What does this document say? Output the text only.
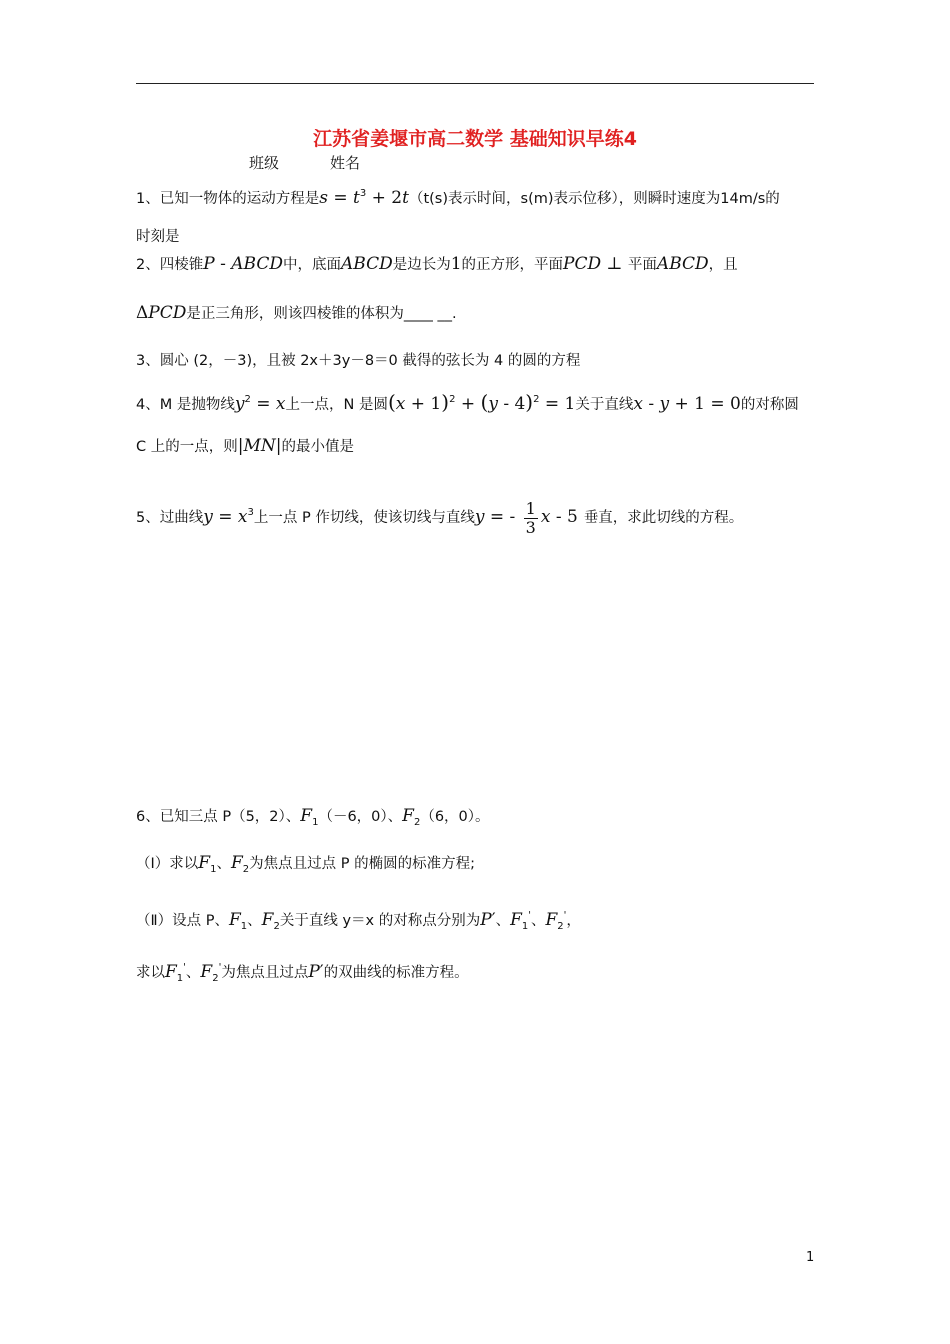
江苏省姜堰市高二数学 基础知识早练4
班级	姓名
1、已知一物体的运动方程是$s = t^3 + 2t(t(s)$表示时间，s(m)表示位移），则瞬时速度为14m/s的
时刻是
2、四棱锥P - ABCD中，底面ABCD是边长为1的正方形，平面PCD ⊥ 平面ABCD，且
ΔPCD是正三角形，则该四棱锥的体积为____ __.
3、圆心 (2，－3)，且被 2x＋3y－8＝0 截得的弦长为 4 的圆的方程
4、M 是抛物线$y^2 = x$上一点，N 是圆$(x + 1)^2 + (y - 4)^2 = 1$关于直线x - y + 1 = 0的对称圆
C 上的一点，则|MN|的最小值是
5、过曲线$y = x^3$上一点 P 作切线，使该切线与直线y = - $\frac{1}{3}$ x - 5 垂直，求此切线的方程。
6、已知三点 P（5，2）、$F_1(-6$，0）、$F_2(6$，0）。
（Ⅰ）求以$F_1$、$F_2$为焦点且过点 P 的椭圆的标准方程;
（Ⅱ）设点 P、$F_1$、$F_2$关于直线 y＝x 的对称点分别为P′、$F_1'$、$F_2'$，
求以$F_1'$、$F_2'$为焦点且过点P′的双曲线的标准方程。
1
